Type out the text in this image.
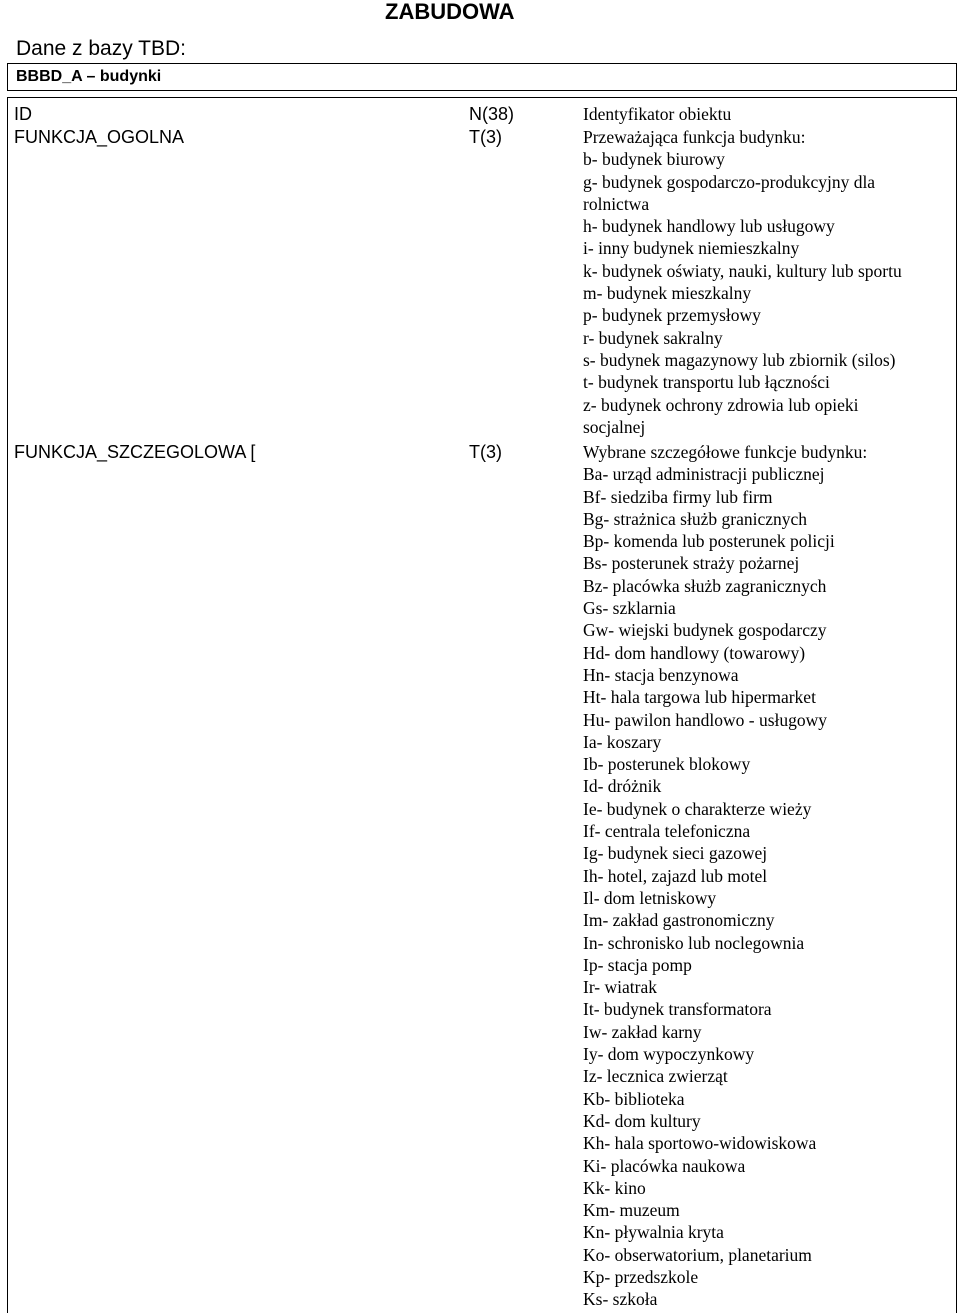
ZABUDOWA
Dane z bazy TBD:
BBBD_A – budynki
ID	N(38)	Identyfikator obiektu
FUNKCJA_OGOLNA	T(3)	Przeważająca funkcja budynku:
b- budynek biurowy
g- budynek gospodarczo-produkcyjny dla
rolnictwa
h- budynek handlowy lub usługowy
i- inny budynek niemieszkalny
k- budynek oświaty, nauki, kultury lub sportu
m- budynek mieszkalny
p- budynek przemysłowy
r- budynek sakralny
s- budynek magazynowy lub zbiornik (silos)
t- budynek transportu lub łączności
z- budynek ochrony zdrowia lub opieki
socjalnej
FUNKCJA_SZCZEGOLOWA [	T(3)	Wybrane szczegółowe funkcje budynku:
Ba- urząd administracji publicznej
Bf- siedziba firmy lub firm
Bg- strażnica służb granicznych
Bp- komenda lub posterunek policji
Bs- posterunek straży pożarnej
Bz- placówka służb zagranicznych
Gs- szklarnia
Gw- wiejski budynek gospodarczy
Hd- dom handlowy (towarowy)
Hn- stacja benzynowa
Ht- hala targowa lub hipermarket
Hu- pawilon handlowo - usługowy
Ia- koszary
Ib- posterunek blokowy
Id- dróżnik
Ie- budynek o charakterze wieży
If- centrala telefoniczna
Ig- budynek sieci gazowej
Ih- hotel, zajazd lub motel
Il- dom letniskowy
Im- zakład gastronomiczny
In- schronisko lub noclegownia
Ip- stacja pomp
Ir- wiatrak
It- budynek transformatora
Iw- zakład karny
Iy- dom wypoczynkowy
Iz- lecznica zwierząt
Kb- biblioteka
Kd- dom kultury
Kh- hala sportowo-widowiskowa
Ki- placówka naukowa
Kk- kino
Km- muzeum
Kn- pływalnia kryta
Ko- obserwatorium, planetarium
Kp- przedszkole
Ks- szkoła
